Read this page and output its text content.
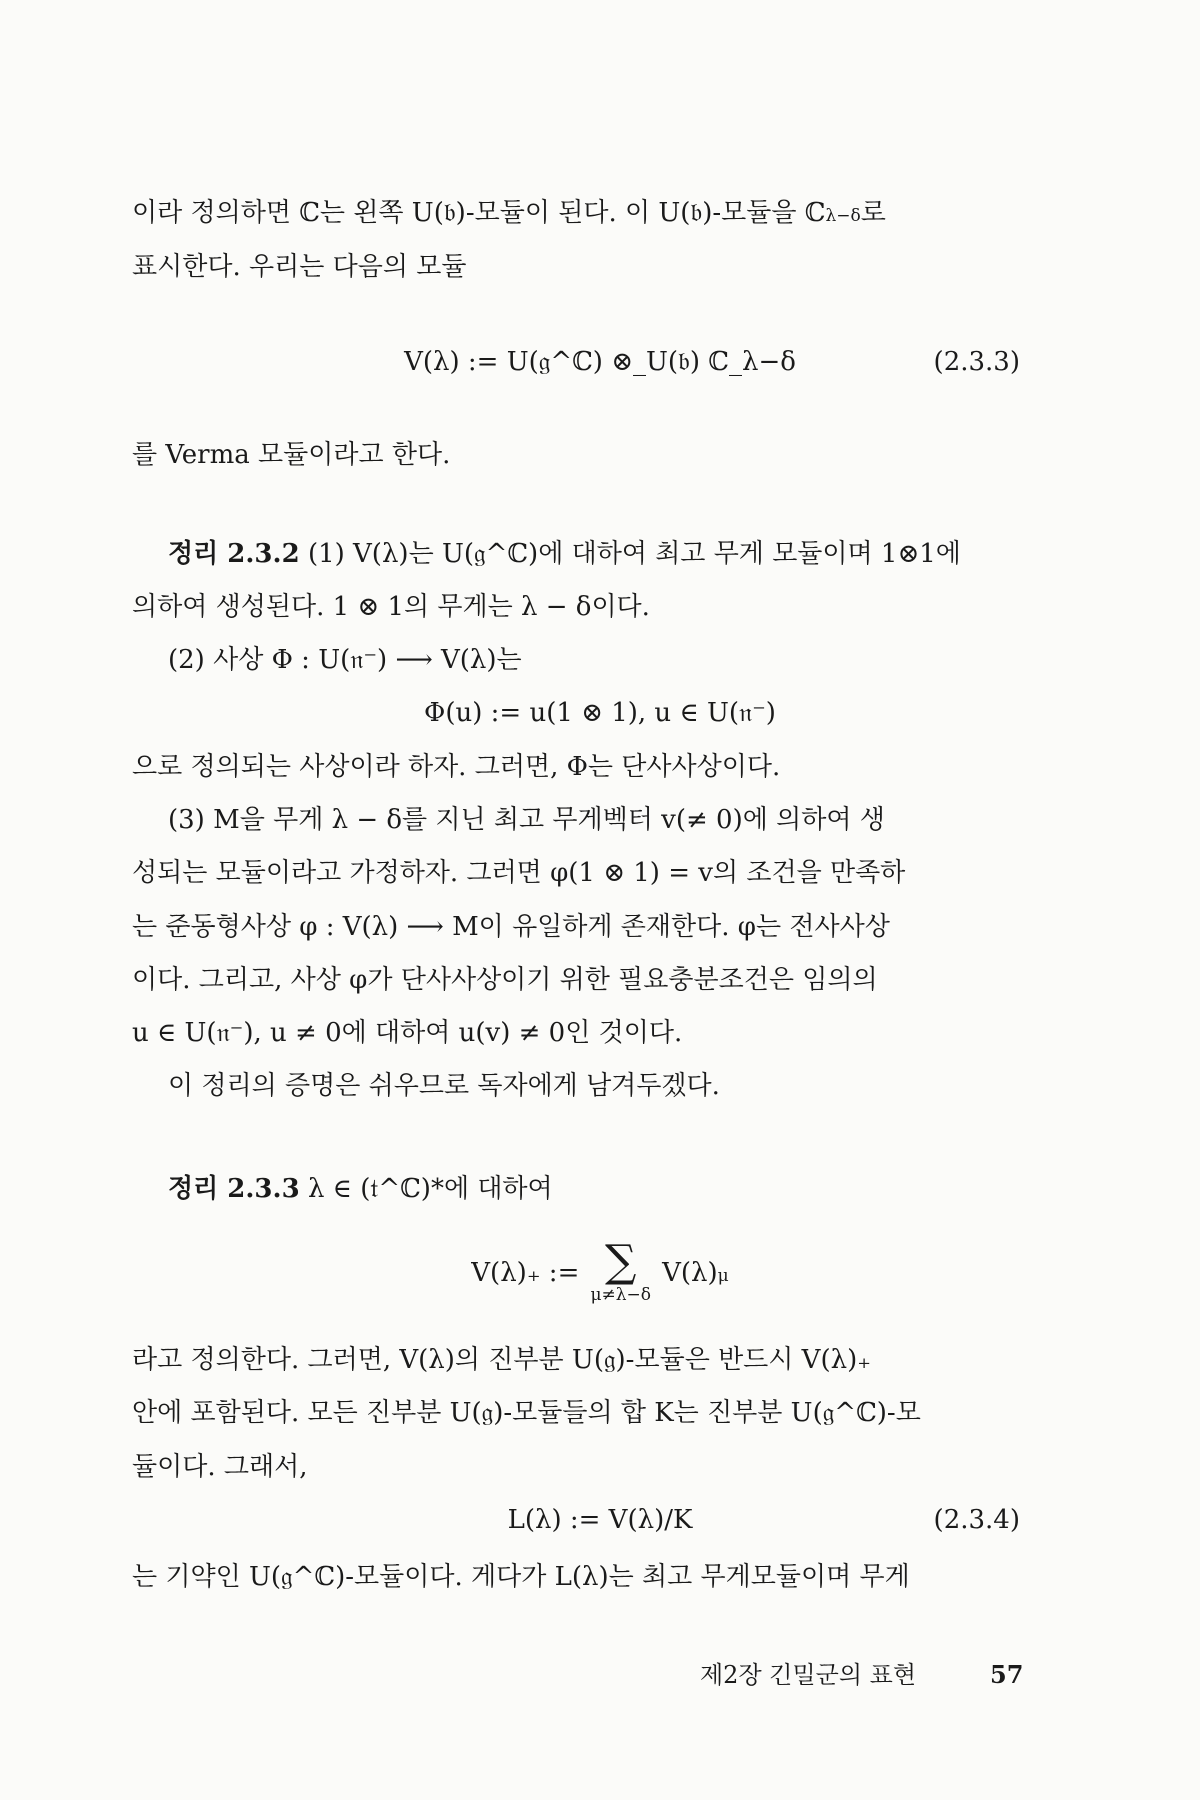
이라 정의하면 ℂ는 왼쪽 U(𝔟)-모듈이 된다. 이 U(𝔟)-모듈을 ℂλ−δ로
표시한다. 우리는 다음의 모듈
V(λ) := U(𝔤^ℂ) ⊗_U(𝔟) ℂ_λ−δ	(2.3.3)
를 Verma 모듈이라고 한다.
정리 2.3.2 (1) V(λ)는 U(𝔤^ℂ)에 대하여 최고 무게 모듈이며 1⊗1에
의하여 생성된다. 1 ⊗ 1의 무게는 λ − δ이다.
(2) 사상 Φ : U(𝔫⁻) ⟶ V(λ)는
Φ(u) := u(1 ⊗ 1), u ∈ U(𝔫⁻)
으로 정의되는 사상이라 하자. 그러면, Φ는 단사사상이다.
(3) M을 무게 λ − δ를 지닌 최고 무게벡터 v(≠ 0)에 의하여 생
성되는 모듈이라고 가정하자. 그러면 φ(1 ⊗ 1) = v의 조건을 만족하
는 준동형사상 φ : V(λ) ⟶ M이 유일하게 존재한다. φ는 전사사상
이다. 그리고, 사상 φ가 단사사상이기 위한 필요충분조건은 임의의
u ∈ U(𝔫⁻), u ≠ 0에 대하여 u(v) ≠ 0인 것이다.
이 정리의 증명은 쉬우므로 독자에게 남겨두겠다.
정리 2.3.3 λ ∈ (𝔱^ℂ)*에 대하여
V(λ)₊ := ∑
μ≠λ−δ
V(λ)μ
라고 정의한다. 그러면, V(λ)의 진부분 U(𝔤)-모듈은 반드시 V(λ)₊
안에 포함된다. 모든 진부분 U(𝔤)-모듈들의 합 K는 진부분 U(𝔤^ℂ)-모
듈이다. 그래서,
L(λ) := V(λ)/K	(2.3.4)
는 기약인 U(𝔤^ℂ)-모듈이다. 게다가 L(λ)는 최고 무게모듈이며 무게
제2장 긴밀군의 표현	57
